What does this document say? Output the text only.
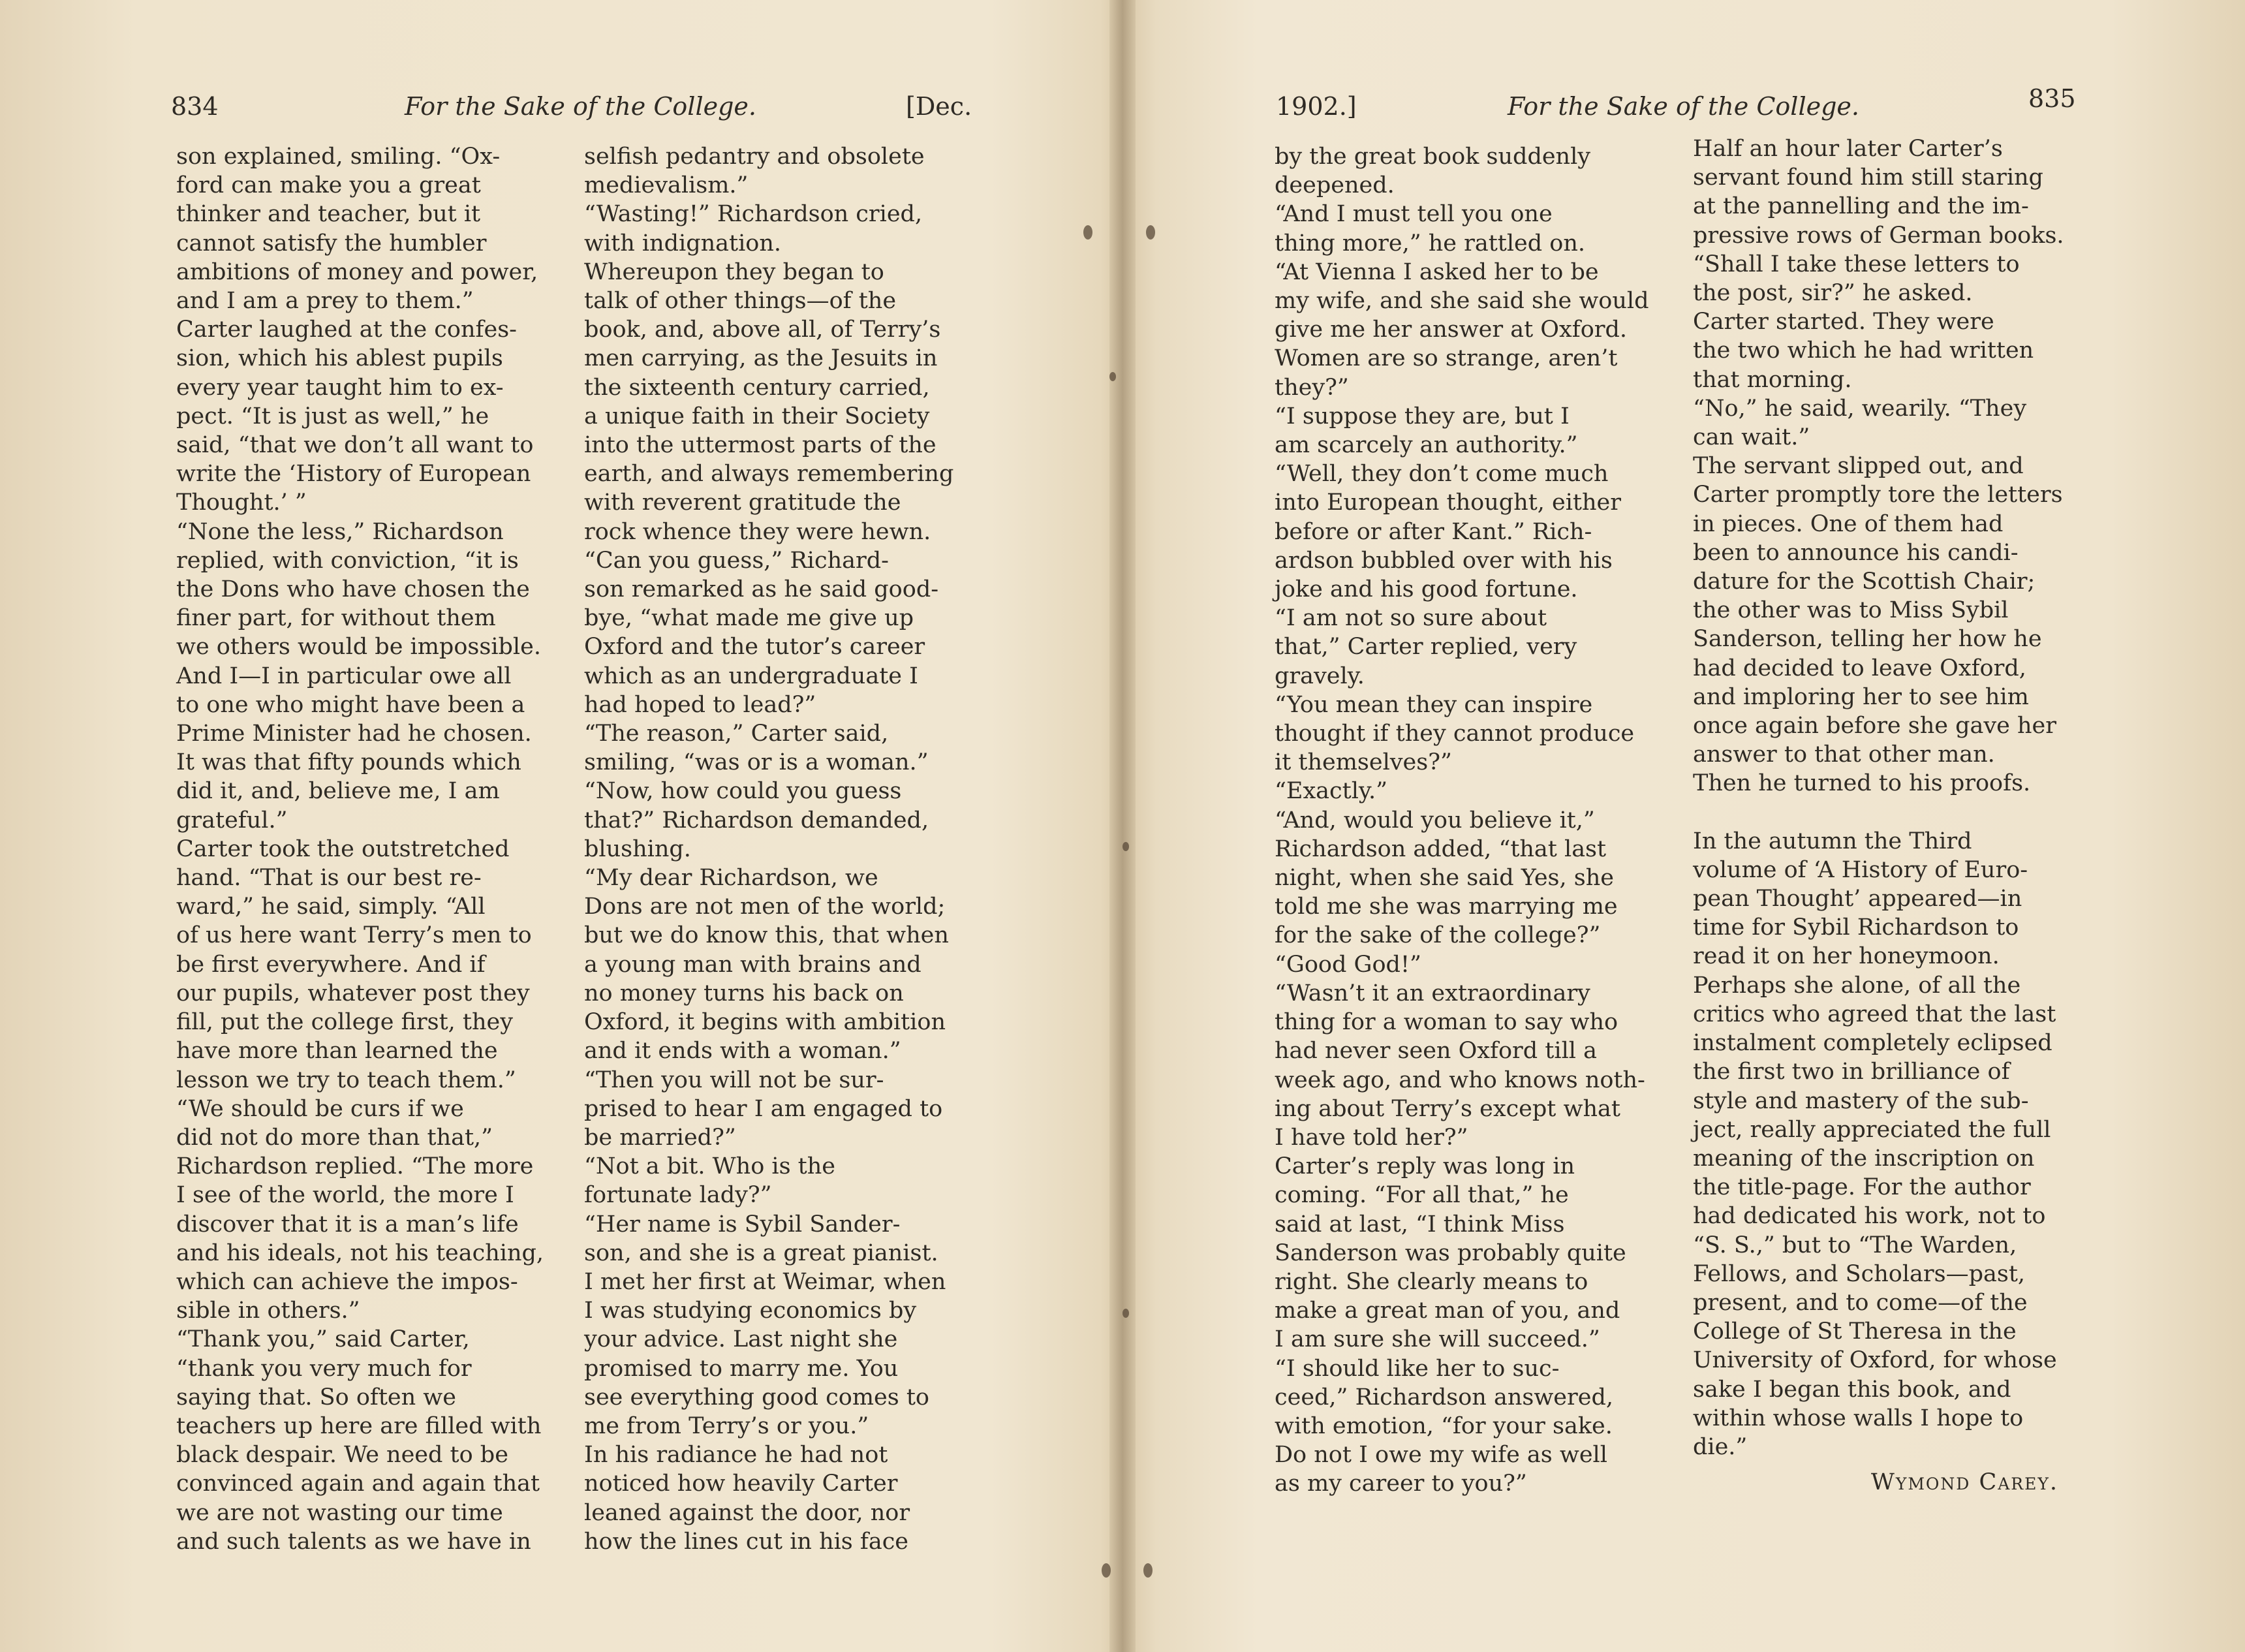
834	For the Sake of the College.	[Dec.

son explained, smiling. “Ox-
ford can make you a great
thinker and teacher, but it
cannot satisfy the humbler
ambitions of money and power,
and I am a prey to them.”
Carter laughed at the confes-
sion, which his ablest pupils
every year taught him to ex-
pect. “It is just as well,” he
said, “that we don’t all want to
write the ‘History of European
Thought.’ ”

“None the less,” Richardson
replied, with conviction, “it is
the Dons who have chosen the
finer part, for without them
we others would be impossible.
And I—I in particular owe all
to one who might have been a
Prime Minister had he chosen.
It was that fifty pounds which
did it, and, believe me, I am
grateful.”

Carter took the outstretched
hand. “That is our best re-
ward,” he said, simply. “All
of us here want Terry’s men to
be first everywhere. And if
our pupils, whatever post they
fill, put the college first, they
have more than learned the
lesson we try to teach them.”

“We should be curs if we
did not do more than that,”
Richardson replied. “The more
I see of the world, the more I
discover that it is a man’s life
and his ideals, not his teaching,
which can achieve the impos-
sible in others.”

“Thank you,” said Carter,
“thank you very much for
saying that. So often we
teachers up here are filled with
black despair. We need to be
convinced again and again that
we are not wasting our time
and such talents as we have in

selfish pedantry and obsolete
medievalism.”

“Wasting!” Richardson cried,
with indignation.

Whereupon they began to
talk of other things—of the
book, and, above all, of Terry’s
men carrying, as the Jesuits in
the sixteenth century carried,
a unique faith in their Society
into the uttermost parts of the
earth, and always remembering
with reverent gratitude the
rock whence they were hewn.

“Can you guess,” Richard-
son remarked as he said good-
bye, “what made me give up
Oxford and the tutor’s career
which as an undergraduate I
had hoped to lead?”

“The reason,” Carter said,
smiling, “was or is a woman.”

“Now, how could you guess
that?” Richardson demanded,
blushing.

“My dear Richardson, we
Dons are not men of the world;
but we do know this, that when
a young man with brains and
no money turns his back on
Oxford, it begins with ambition
and it ends with a woman.”

“Then you will not be sur-
prised to hear I am engaged to
be married?”

“Not a bit. Who is the
fortunate lady?”

“Her name is Sybil Sander-
son, and she is a great pianist.
I met her first at Weimar, when
I was studying economics by
your advice. Last night she
promised to marry me. You
see everything good comes to
me from Terry’s or you.”

In his radiance he had not
noticed how heavily Carter
leaned against the door, nor
how the lines cut in his face

1902.]	For the Sake of the College.	835

by the great book suddenly
deepened.

“And I must tell you one
thing more,” he rattled on.
“At Vienna I asked her to be
my wife, and she said she would
give me her answer at Oxford.
Women are so strange, aren’t
they?”

“I suppose they are, but I
am scarcely an authority.”

“Well, they don’t come much
into European thought, either
before or after Kant.” Rich-
ardson bubbled over with his
joke and his good fortune.

“I am not so sure about
that,” Carter replied, very
gravely.

“You mean they can inspire
thought if they cannot produce
it themselves?”

“Exactly.”

“And, would you believe it,”
Richardson added, “that last
night, when she said Yes, she
told me she was marrying me
for the sake of the college?”

“Good God!”

“Wasn’t it an extraordinary
thing for a woman to say who
had never seen Oxford till a
week ago, and who knows noth-
ing about Terry’s except what
I have told her?”

Carter’s reply was long in
coming. “For all that,” he
said at last, “I think Miss
Sanderson was probably quite
right. She clearly means to
make a great man of you, and
I am sure she will succeed.”

“I should like her to suc-
ceed,” Richardson answered,
with emotion, “for your sake.
Do not I owe my wife as well
as my career to you?”

Half an hour later Carter’s
servant found him still staring
at the pannelling and the im-
pressive rows of German books.

“Shall I take these letters to
the post, sir?” he asked.

Carter started. They were
the two which he had written
that morning.

“No,” he said, wearily. “They
can wait.”

The servant slipped out, and
Carter promptly tore the letters
in pieces. One of them had
been to announce his candi-
dature for the Scottish Chair;
the other was to Miss Sybil
Sanderson, telling her how he
had decided to leave Oxford,
and imploring her to see him
once again before she gave her
answer to that other man.

Then he turned to his proofs.

In the autumn the Third
volume of ‘A History of Euro-
pean Thought’ appeared—in
time for Sybil Richardson to
read it on her honeymoon.
Perhaps she alone, of all the
critics who agreed that the last
instalment completely eclipsed
the first two in brilliance of
style and mastery of the sub-
ject, really appreciated the full
meaning of the inscription on
the title-page. For the author
had dedicated his work, not to
“S. S.,” but to “The Warden,
Fellows, and Scholars—past,
present, and to come—of the
College of St Theresa in the
University of Oxford, for whose
sake I began this book, and
within whose walls I hope to
die.”

Wymond Carey.
